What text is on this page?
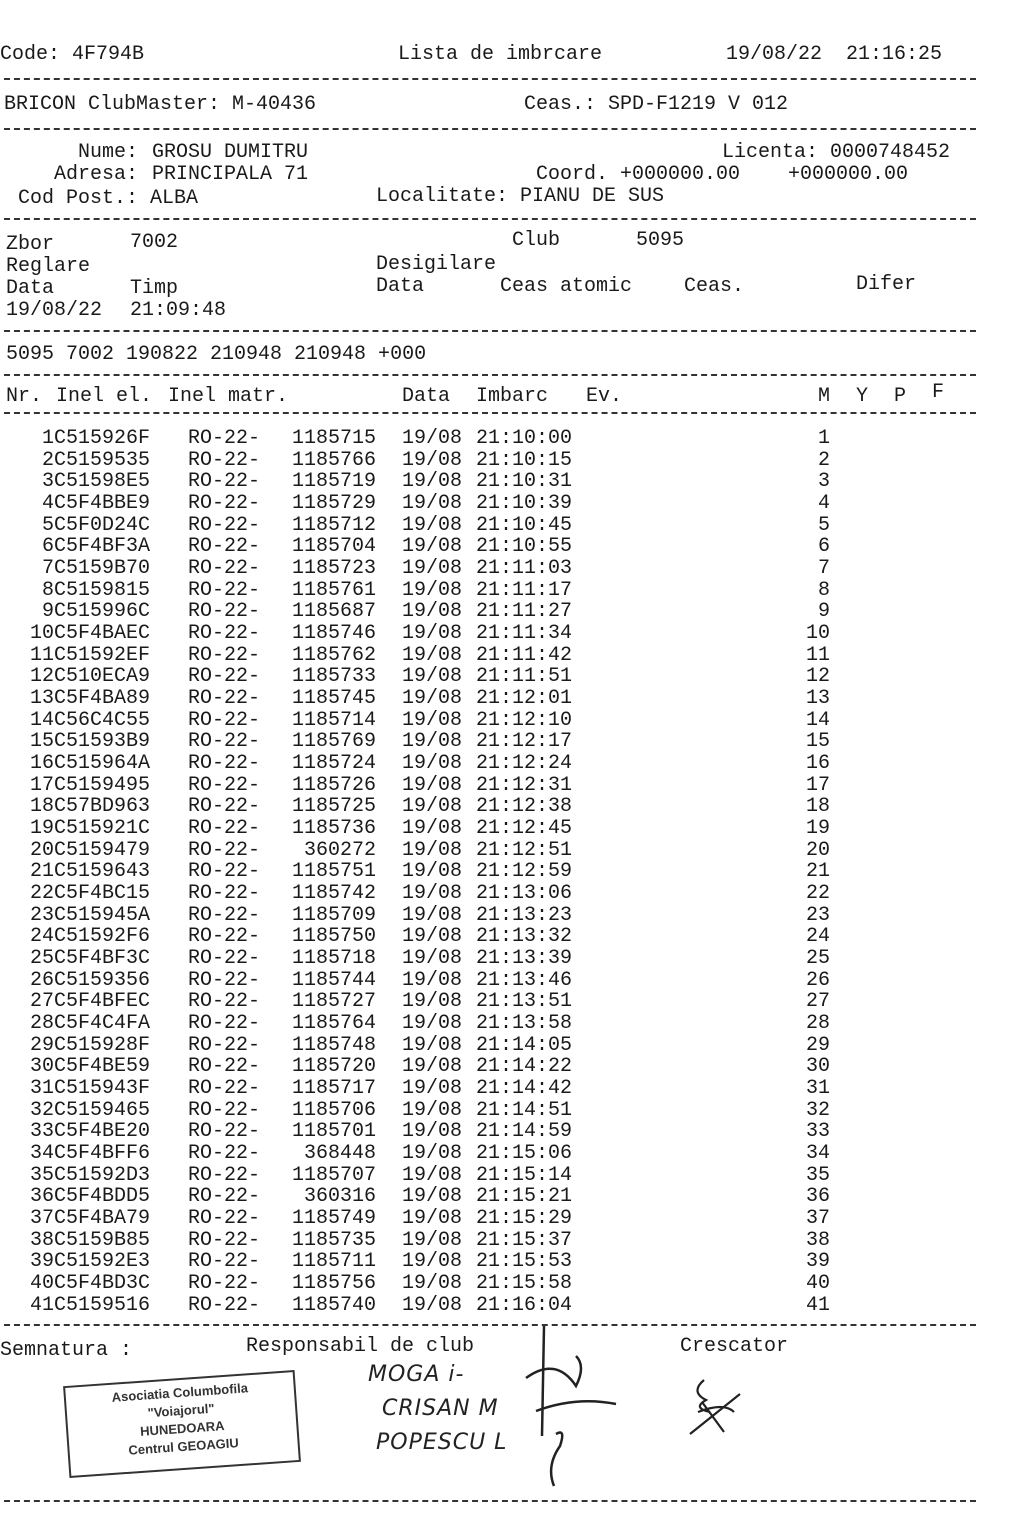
Code: 4F794B	Lista de imbrcare	19/08/22  21:16:25
BRICON ClubMaster: M-40436	Ceas.: SPD-F1219 V 012
Nume: GROSU DUMITRU	Licenta: 0000748452
Adresa: PRINCIPALA 71	Coord. +000000.00    +000000.00
Cod Post.: ALBA	Localitate: PIANU DE SUS
Zbor	7002	Club	5095
Reglare	Desigilare
Data	Timp	Data	Ceas atomic	Ceas.	Difer
19/08/22 21:09:48
5095 7002 190822 210948 210948 +000
Nr. Inel el. Inel matr.	Data Imbarc Ev.	M Y P F
1 C515926F RO-22- 1185715 19/08 21:10:00	1
2 C5159535 RO-22- 1185766 19/08 21:10:15	2
3 C51598E5 RO-22- 1185719 19/08 21:10:31	3
4 C5F4BBE9 RO-22- 1185729 19/08 21:10:39	4
5 C5F0D24C RO-22- 1185712 19/08 21:10:45	5
6 C5F4BF3A RO-22- 1185704 19/08 21:10:55	6
7 C5159B70 RO-22- 1185723 19/08 21:11:03	7
8 C5159815 RO-22- 1185761 19/08 21:11:17	8
9 C515996C RO-22- 1185687 19/08 21:11:27	9
10 C5F4BAEC RO-22- 1185746 19/08 21:11:34	10
11 C51592EF RO-22- 1185762 19/08 21:11:42	11
12 C510ECA9 RO-22- 1185733 19/08 21:11:51	12
13 C5F4BA89 RO-22- 1185745 19/08 21:12:01	13
14 C56C4C55 RO-22- 1185714 19/08 21:12:10	14
15 C51593B9 RO-22- 1185769 19/08 21:12:17	15
16 C515964A RO-22- 1185724 19/08 21:12:24	16
17 C5159495 RO-22- 1185726 19/08 21:12:31	17
18 C57BD963 RO-22- 1185725 19/08 21:12:38	18
19 C515921C RO-22- 1185736 19/08 21:12:45	19
20 C5159479 RO-22- 360272 19/08 21:12:51	20
21 C5159643 RO-22- 1185751 19/08 21:12:59	21
22 C5F4BC15 RO-22- 1185742 19/08 21:13:06	22
23 C515945A RO-22- 1185709 19/08 21:13:23	23
24 C51592F6 RO-22- 1185750 19/08 21:13:32	24
25 C5F4BF3C RO-22- 1185718 19/08 21:13:39	25
26 C5159356 RO-22- 1185744 19/08 21:13:46	26
27 C5F4BFEC RO-22- 1185727 19/08 21:13:51	27
28 C5F4C4FA RO-22- 1185764 19/08 21:13:58	28
29 C515928F RO-22- 1185748 19/08 21:14:05	29
30 C5F4BE59 RO-22- 1185720 19/08 21:14:22	30
31 C515943F RO-22- 1185717 19/08 21:14:42	31
32 C5159465 RO-22- 1185706 19/08 21:14:51	32
33 C5F4BE20 RO-22- 1185701 19/08 21:14:59	33
34 C5F4BFF6 RO-22- 368448 19/08 21:15:06	34
35 C51592D3 RO-22- 1185707 19/08 21:15:14	35
36 C5F4BDD5 RO-22- 360316 19/08 21:15:21	36
37 C5F4BA79 RO-22- 1185749 19/08 21:15:29	37
38 C5159B85 RO-22- 1185735 19/08 21:15:37	38
39 C51592E3 RO-22- 1185711 19/08 21:15:53	39
40 C5F4BD3C RO-22- 1185756 19/08 21:15:58	40
41 C5159516 RO-22- 1185740 19/08 21:16:04	41
Semnatura :	Responsabil de club	Crescator
Asociatia Columbofila
"Voiajorul"
HUNEDOARA
Centrul GEOAGIU
MOGA i-
CRISAN M
POPESCU L
